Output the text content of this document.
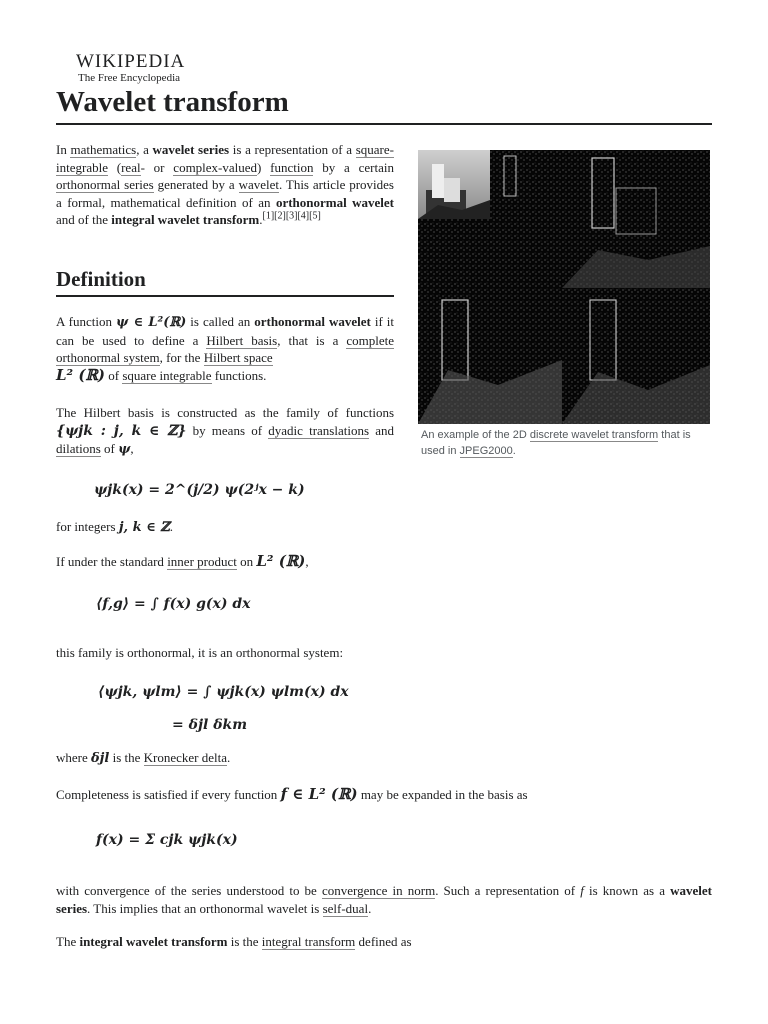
WIKIPEDIA
The Free Encyclopedia
Wavelet transform
In mathematics, a wavelet series is a representation of a square-integrable (real- or complex-valued) function by a certain orthonormal series generated by a wavelet. This article provides a formal, mathematical definition of an orthonormal wavelet and of the integral wavelet transform.[1][2][3][4][5]
Definition
A function ψ ∈ L²(ℝ) is called an orthonormal wavelet if it can be used to define a Hilbert basis, that is a complete orthonormal system, for the Hilbert space
L² (ℝ) of square integrable functions.
The Hilbert basis is constructed as the family of functions {ψjk : j, k ∈ ℤ} by means of dyadic translations and dilations of ψ,
ψjk(x) = 2^(j/2) ψ(2ʲx − k)
for integers j, k ∈ ℤ.
If under the standard inner product on L² (ℝ),
⟨f,g⟩ = ∫ f(x) g(x) dx
this family is orthonormal, it is an orthonormal system:
⟨ψjk, ψlm⟩ = ∫ ψjk(x) ψlm(x) dx
= δjl δkm
where δjl is the Kronecker delta.
Completeness is satisfied if every function f ∈ L² (ℝ) may be expanded in the basis as
f(x) = Σ cjk ψjk(x)
with convergence of the series understood to be convergence in norm. Such a representation of f is known as a wavelet series. This implies that an orthonormal wavelet is self-dual.
The integral wavelet transform is the integral transform defined as
An example of the 2D discrete wavelet transform that is used in JPEG2000.
